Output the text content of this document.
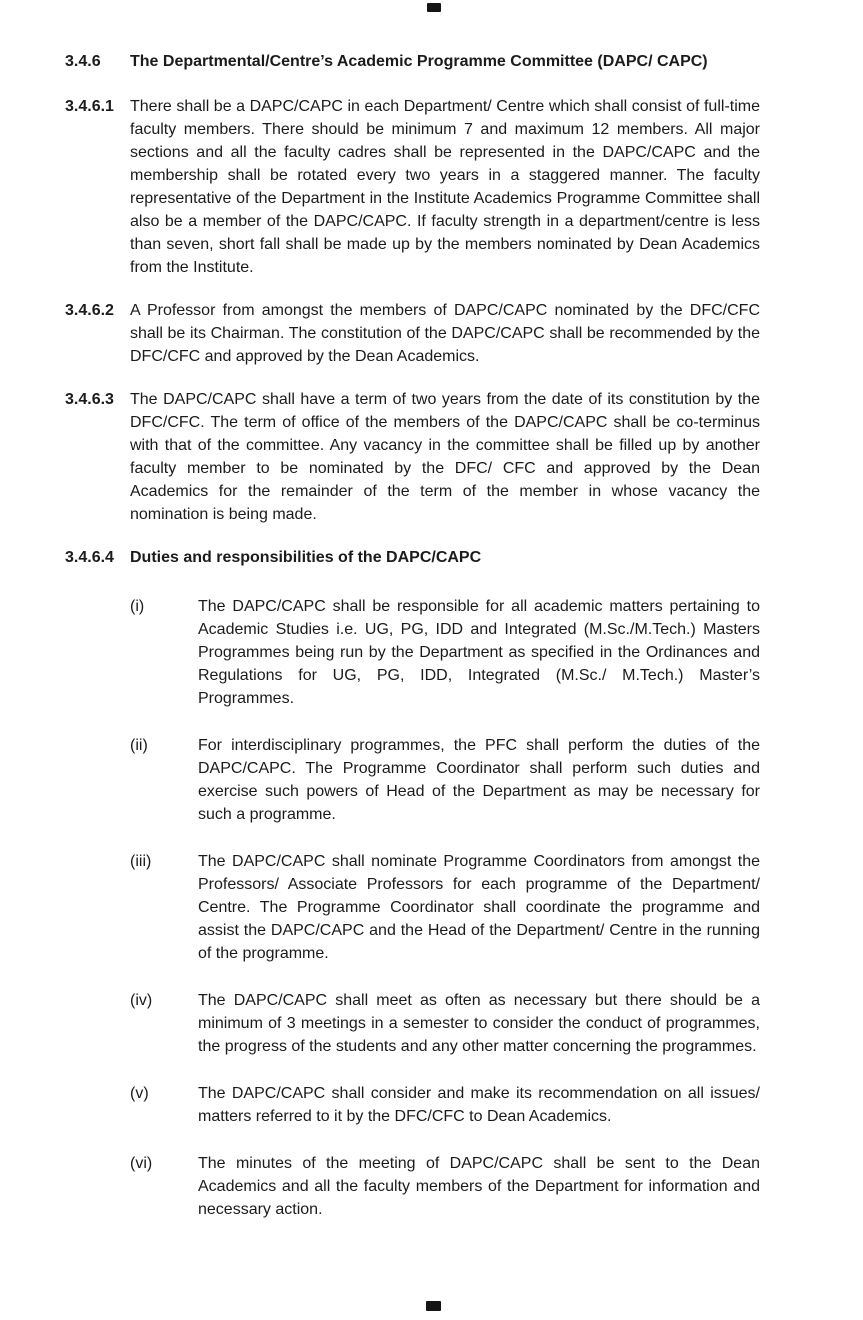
3.4.6	The Departmental/Centre’s Academic Programme Committee (DAPC/ CAPC)
3.4.6.1	There shall be a DAPC/CAPC in each Department/ Centre which shall consist of full-time faculty members. There should be minimum 7 and maximum 12 members. All major sections and all the faculty cadres shall be represented in the DAPC/CAPC and the membership shall be rotated every two years in a staggered manner. The faculty representative of the Department in the Institute Academics Programme Committee shall also be a member of the DAPC/CAPC. If faculty strength in a department/centre is less than seven, short fall shall be made up by the members nominated by Dean Academics from the Institute.

3.4.6.2	A Professor from amongst the members of DAPC/CAPC nominated by the DFC/CFC shall be its Chairman. The constitution of the DAPC/CAPC shall be recommended by the DFC/CFC and approved by the Dean Academics.

3.4.6.3	The DAPC/CAPC shall have a term of two years from the date of its constitution by the DFC/CFC. The term of office of the members of the DAPC/CAPC shall be co-terminus with that of the committee. Any vacancy in the committee shall be filled up by another faculty member to be nominated by the DFC/ CFC and approved by the Dean Academics for the remainder of the term of the member in whose vacancy the nomination is being made.

3.4.6.4	Duties and responsibilities of the DAPC/CAPC
(i)	The DAPC/CAPC shall be responsible for all academic matters pertaining to Academic Studies i.e. UG, PG, IDD and Integrated (M.Sc./M.Tech.) Masters Programmes being run by the Department as specified in the Ordinances and Regulations for UG, PG, IDD, Integrated (M.Sc./ M.Tech.) Master’s Programmes.

(ii)	For interdisciplinary programmes, the PFC shall perform the duties of the DAPC/CAPC. The Programme Coordinator shall perform such duties and exercise such powers of Head of the Department as may be necessary for such a programme.

(iii)	The DAPC/CAPC shall nominate Programme Coordinators from amongst the Professors/ Associate Professors for each programme of the Department/ Centre. The Programme Coordinator shall coordinate the programme and assist the DAPC/CAPC and the Head of the Department/ Centre in the running of the programme.

(iv)	The DAPC/CAPC shall meet as often as necessary but there should be a minimum of 3 meetings in a semester to consider the conduct of programmes, the progress of the students and any other matter concerning the programmes.

(v)	The DAPC/CAPC shall consider and make its recommendation on all issues/ matters referred to it by the DFC/CFC to Dean Academics.

(vi)	The minutes of the meeting of DAPC/CAPC shall be sent to the Dean Academics and all the faculty members of the Department for information and necessary action.
